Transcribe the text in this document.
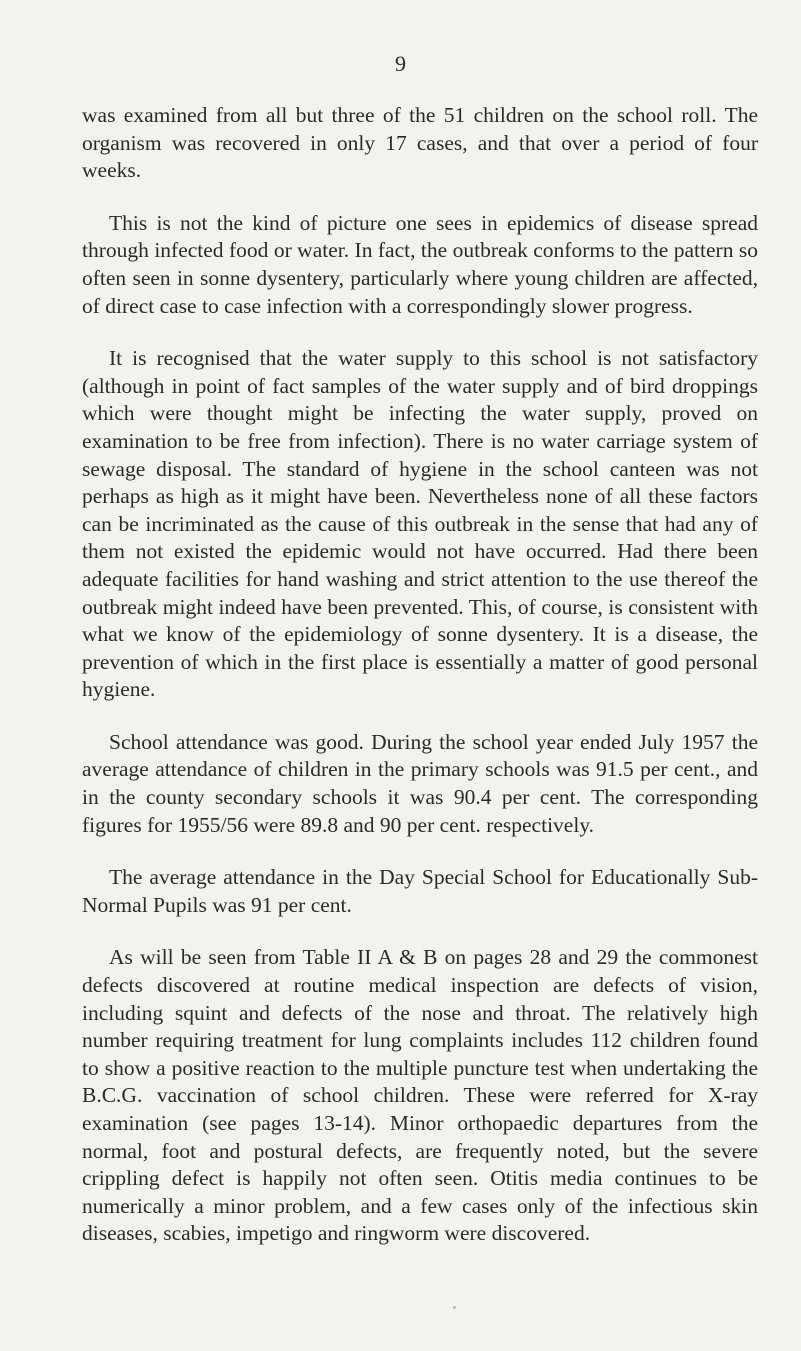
9

was examined from all but three of the 51 children on the school roll. The organism was recovered in only 17 cases, and that over a period of four weeks.

This is not the kind of picture one sees in epidemics of disease spread through infected food or water. In fact, the outbreak conforms to the pattern so often seen in sonne dysentery, particularly where young children are affected, of direct case to case infection with a correspondingly slower progress.

It is recognised that the water supply to this school is not satisfactory (although in point of fact samples of the water supply and of bird droppings which were thought might be infecting the water supply, proved on examination to be free from infection). There is no water carriage system of sewage disposal. The standard of hygiene in the school canteen was not perhaps as high as it might have been. Nevertheless none of all these factors can be incriminated as the cause of this outbreak in the sense that had any of them not existed the epidemic would not have occurred. Had there been adequate facilities for hand washing and strict attention to the use thereof the outbreak might indeed have been prevented. This, of course, is consistent with what we know of the epidemiology of sonne dysentery. It is a disease, the prevention of which in the first place is essentially a matter of good personal hygiene.

School attendance was good. During the school year ended July 1957 the average attendance of children in the primary schools was 91.5 per cent., and in the county secondary schools it was 90.4 per cent. The corresponding figures for 1955/56 were 89.8 and 90 per cent. respectively.

The average attendance in the Day Special School for Educationally Sub-Normal Pupils was 91 per cent.

As will be seen from Table II A & B on pages 28 and 29 the commonest defects discovered at routine medical inspection are defects of vision, including squint and defects of the nose and throat. The relatively high number requiring treatment for lung complaints includes 112 children found to show a positive reaction to the multiple puncture test when undertaking the B.C.G. vaccination of school children. These were referred for X-ray examination (see pages 13-14). Minor orthopaedic departures from the normal, foot and postural defects, are frequently noted, but the severe crippling defect is happily not often seen. Otitis media continues to be numerically a minor problem, and a few cases only of the infectious skin diseases, scabies, impetigo and ringworm were discovered.
